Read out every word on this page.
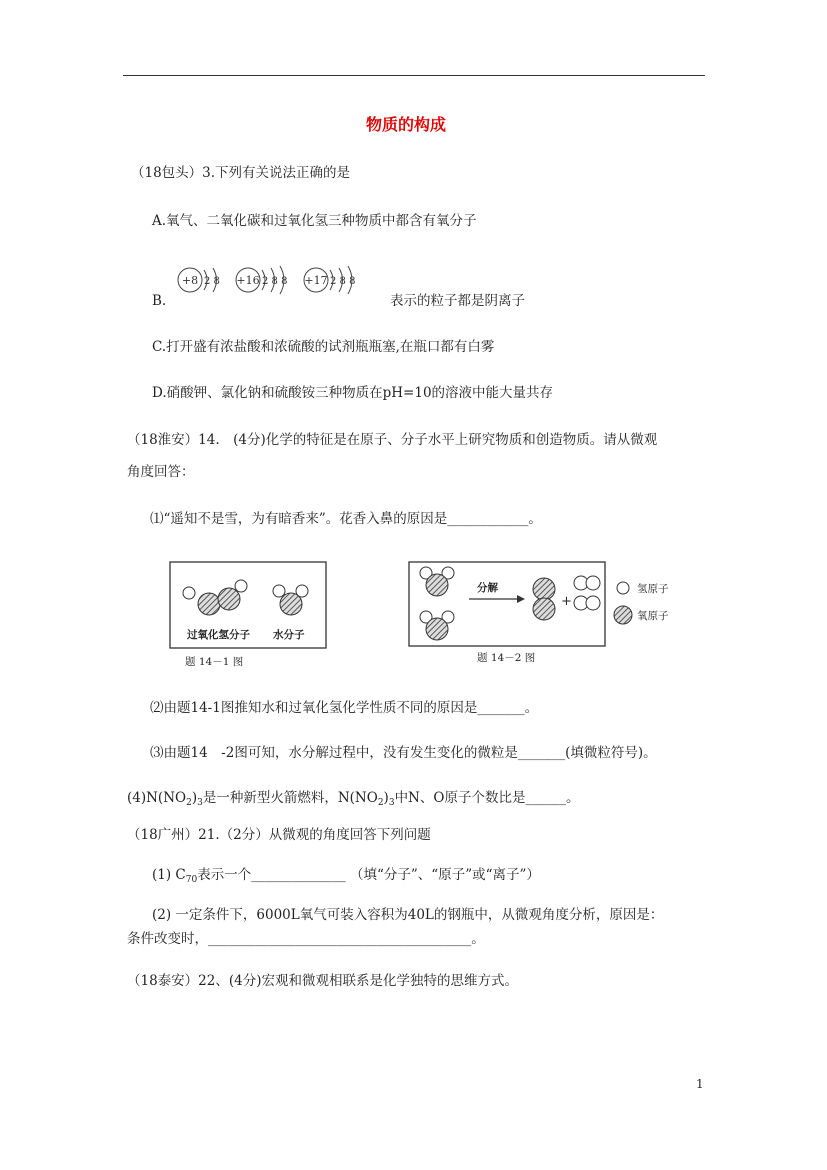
物质的构成
（18包头）3.下列有关说法正确的是
A.氧气、二氧化碳和过氧化氢三种物质中都含有氧分子
B.
+8 2 8 +16 2 8 8 +17 2 8 8
表示的粒子都是阴离子
C.打开盛有浓盐酸和浓硫酸的试剂瓶瓶塞,在瓶口都有白雾
D.硝酸钾、氯化钠和硫酸铵三种物质在pH=10的溶液中能大量共存
（18淮安）14.　(4分)化学的特征是在原子、分子水平上研究物质和创造物质。请从微观
角度回答：
⑴“遥知不是雪，为有暗香来”。花香入鼻的原因是____________。
过氧化氢分子 水分子
题 14－1 图
分解
+
氢原子
氧原子
题 14－2 图
⑵由题14-1图推知水和过氧化氢化学性质不同的原因是_______。
⑶由题14　-2图可知，水分解过程中，没有发生变化的微粒是_______(填微粒符号)。
$(4)N(NO_2)_3$是一种新型火箭燃料，$N(NO_2)_3$中N、O原子个数比是______。
（18广州）21.（2分）从微观的角度回答下列问题
(1) $C_{70}$表示一个______________ （填“分子”、“原子”或“离子”）
(2) 一定条件下，6000L氧气可装入容积为40L的钢瓶中，从微观角度分析，原因是：
条件改变时，_______________________________________。
（18泰安）22、(4分)宏观和微观相联系是化学独特的思维方式。
1
